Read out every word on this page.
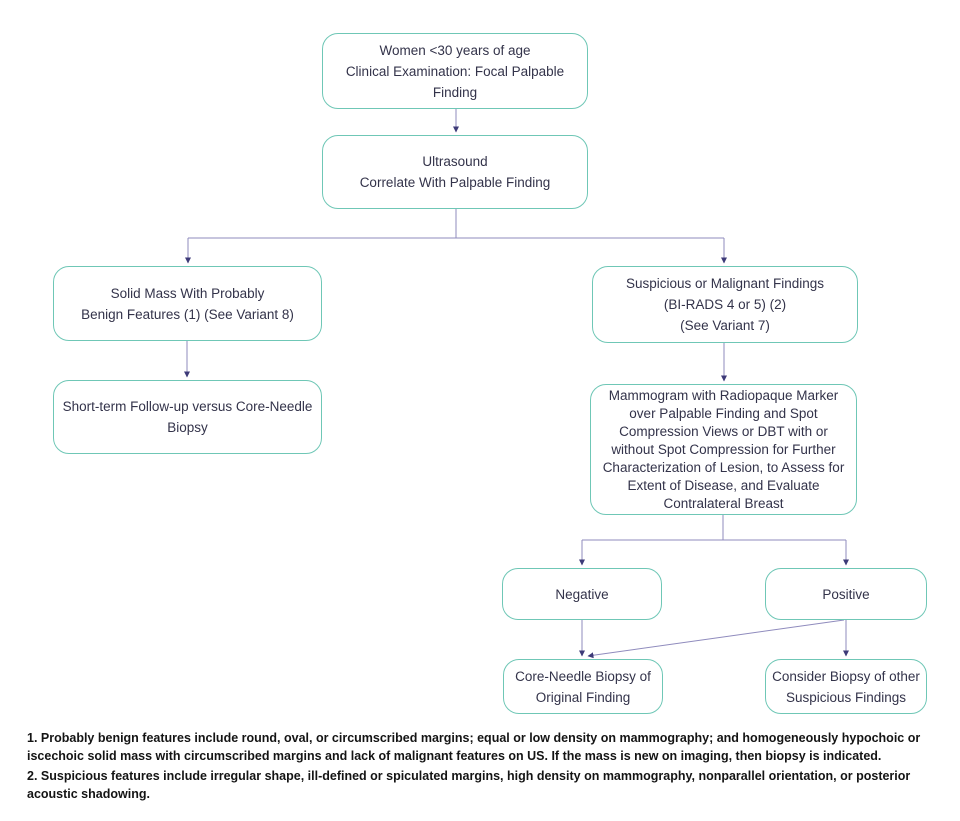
Women <30 years of age
Clinical Examination: Focal Palpable
Finding
Ultrasound
Correlate With Palpable Finding
Solid Mass With Probably
Benign Features (1) (See Variant 8)
Suspicious or Malignant Findings
(BI-RADS 4 or 5) (2)
(See Variant 7)
Short-term Follow-up versus Core-Needle
Biopsy
Mammogram with Radiopaque Marker
over Palpable Finding and Spot
Compression Views or DBT with or
without Spot Compression for Further
Characterization of Lesion, to Assess for
Extent of Disease, and Evaluate
Contralateral Breast
Negative	Positive
Core-Needle Biopsy of
Original Finding
Consider Biopsy of other
Suspicious Findings
1. Probably benign features include round, oval, or circumscribed margins; equal or low density on mammography; and homogeneously hypochoic or iscechoic solid mass with circumscribed margins and lack of malignant features on US. If the mass is new on imaging, then biopsy is indicated.
2. Suspicious features include irregular shape, ill-defined or spiculated margins, high density on mammography, nonparallel orientation, or posterior acoustic shadowing.
